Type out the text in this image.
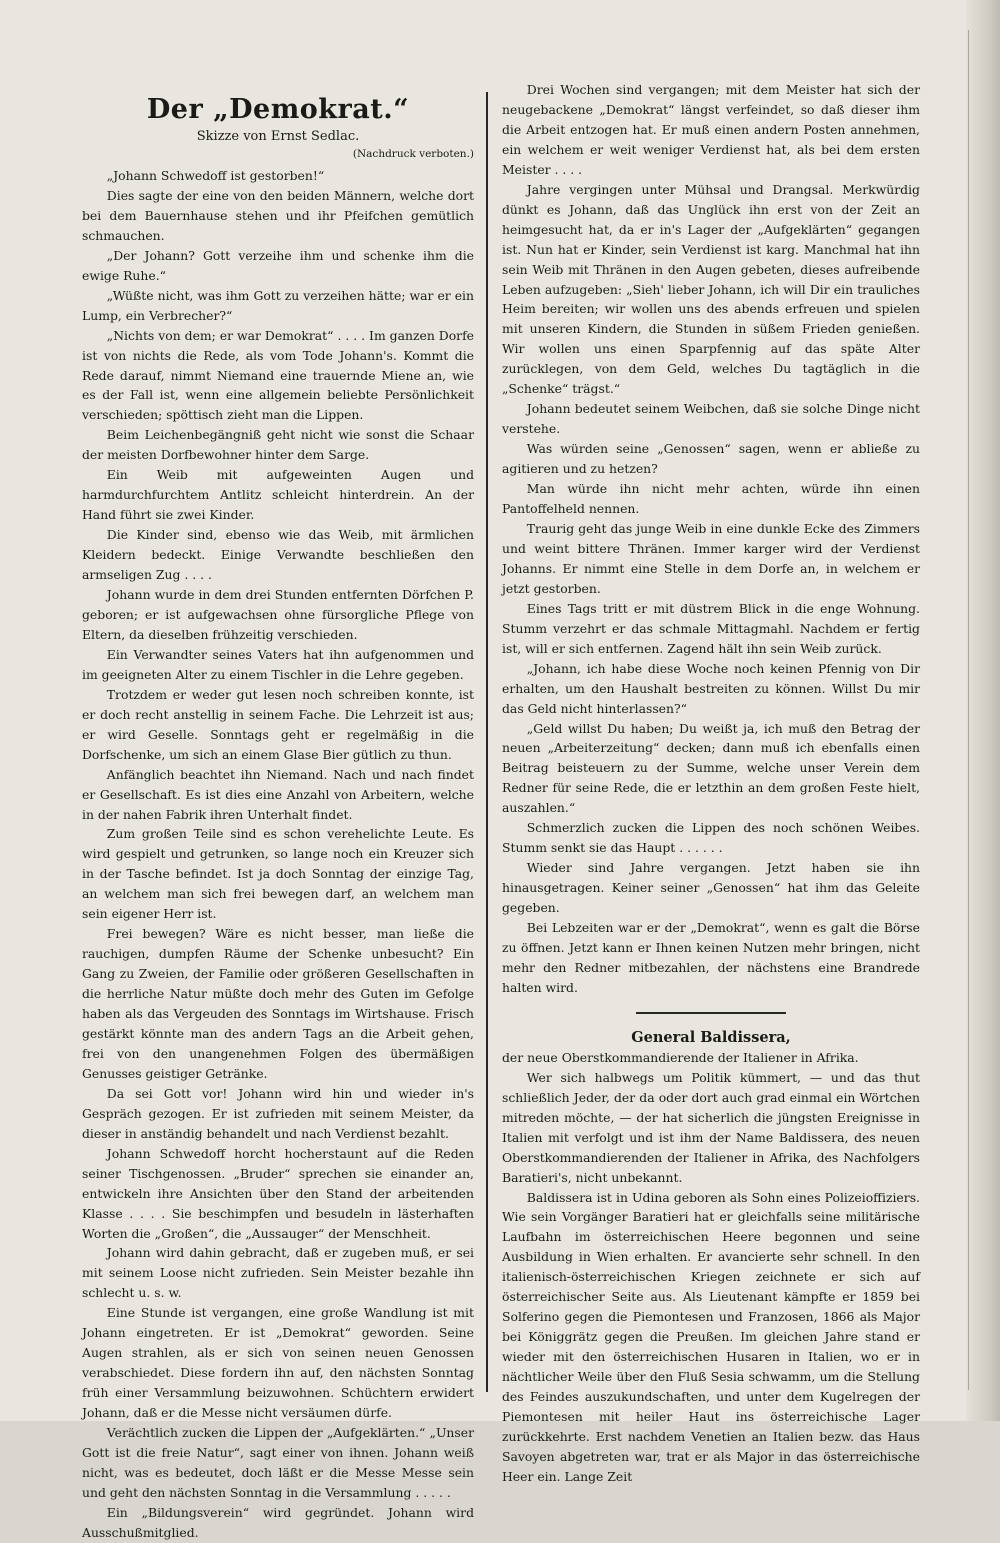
Der „Demokrat.“
Skizze von Ernst Sedlac.
(Nachdruck verboten.)

„Johann Schwedoff ist gestorben!“

Dies sagte der eine von den beiden Männern, welche dort bei dem Bauernhause stehen und ihr Pfeifchen gemütlich schmauchen.

„Der Johann? Gott verzeihe ihm und schenke ihm die ewige Ruhe.“

„Wüßte nicht, was ihm Gott zu verzeihen hätte; war er ein Lump, ein Verbrecher?“

„Nichts von dem; er war Demokrat“ . . . . Im ganzen Dorfe ist von nichts die Rede, als vom Tode Johann's. Kommt die Rede darauf, nimmt Niemand eine trauernde Miene an, wie es der Fall ist, wenn eine allgemein beliebte Persönlichkeit verschieden; spöttisch zieht man die Lippen.

Beim Leichenbegängniß geht nicht wie sonst die Schaar der meisten Dorfbewohner hinter dem Sarge.

Ein Weib mit aufgeweinten Augen und harmdurchfurchtem Antlitz schleicht hinterdrein. An der Hand führt sie zwei Kinder.

Die Kinder sind, ebenso wie das Weib, mit ärmlichen Kleidern bedeckt. Einige Verwandte beschließen den armseligen Zug . . . .

Johann wurde in dem drei Stunden entfernten Dörfchen P. geboren; er ist aufgewachsen ohne fürsorgliche Pflege von Eltern, da dieselben frühzeitig verschieden.

Ein Verwandter seines Vaters hat ihn aufgenommen und im geeigneten Alter zu einem Tischler in die Lehre gegeben.

Trotzdem er weder gut lesen noch schreiben konnte, ist er doch recht anstellig in seinem Fache. Die Lehrzeit ist aus; er wird Geselle. Sonntags geht er regelmäßig in die Dorfschenke, um sich an einem Glase Bier gütlich zu thun.

Anfänglich beachtet ihn Niemand. Nach und nach findet er Gesellschaft. Es ist dies eine Anzahl von Arbeitern, welche in der nahen Fabrik ihren Unterhalt findet.

Zum großen Teile sind es schon verehelichte Leute. Es wird gespielt und getrunken, so lange noch ein Kreuzer sich in der Tasche befindet. Ist ja doch Sonntag der einzige Tag, an welchem man sich frei bewegen darf, an welchem man sein eigener Herr ist.

Frei bewegen? Wäre es nicht besser, man ließe die rauchigen, dumpfen Räume der Schenke unbesucht? Ein Gang zu Zweien, der Familie oder größeren Gesellschaften in die herrliche Natur müßte doch mehr des Guten im Gefolge haben als das Vergeuden des Sonntags im Wirtshause. Frisch gestärkt könnte man des andern Tags an die Arbeit gehen, frei von den unangenehmen Folgen des übermäßigen Genusses geistiger Getränke.

Da sei Gott vor! Johann wird hin und wieder in's Gespräch gezogen. Er ist zufrieden mit seinem Meister, da dieser in anständig behandelt und nach Verdienst bezahlt.

Johann Schwedoff horcht hocherstaunt auf die Reden seiner Tischgenossen. „Bruder“ sprechen sie einander an, entwickeln ihre Ansichten über den Stand der arbeitenden Klasse . . . . Sie beschimpfen und besudeln in lästerhaften Worten die „Großen“, die „Aussauger“ der Menschheit.

Johann wird dahin gebracht, daß er zugeben muß, er sei mit seinem Loose nicht zufrieden. Sein Meister bezahle ihn schlecht u. s. w.

Eine Stunde ist vergangen, eine große Wandlung ist mit Johann eingetreten. Er ist „Demokrat“ geworden. Seine Augen strahlen, als er sich von seinen neuen Genossen verabschiedet. Diese fordern ihn auf, den nächsten Sonntag früh einer Versammlung beizuwohnen. Schüchtern erwidert Johann, daß er die Messe nicht versäumen dürfe.

Verächtlich zucken die Lippen der „Aufgeklärten.“ „Unser Gott ist die freie Natur“, sagt einer von ihnen. Johann weiß nicht, was es bedeutet, doch läßt er die Messe Messe sein und geht den nächsten Sonntag in die Versammlung . . . . .

Ein „Bildungsverein“ wird gegründet. Johann wird Ausschußmitglied.

Drei Wochen sind vergangen; mit dem Meister hat sich der neugebackene „Demokrat“ längst verfeindet, so daß dieser ihm die Arbeit entzogen hat. Er muß einen andern Posten annehmen, ein welchem er weit weniger Verdienst hat, als bei dem ersten Meister . . . .

Jahre vergingen unter Mühsal und Drangsal. Merkwürdig dünkt es Johann, daß das Unglück ihn erst von der Zeit an heimgesucht hat, da er in's Lager der „Aufgeklärten“ gegangen ist. Nun hat er Kinder, sein Verdienst ist karg. Manchmal hat ihn sein Weib mit Thränen in den Augen gebeten, dieses aufreibende Leben aufzugeben: „Sieh' lieber Johann, ich will Dir ein trauliches Heim bereiten; wir wollen uns des abends erfreuen und spielen mit unseren Kindern, die Stunden in süßem Frieden genießen. Wir wollen uns einen Sparpfennig auf das späte Alter zurücklegen, von dem Geld, welches Du tagtäglich in die „Schenke“ trägst.“

Johann bedeutet seinem Weibchen, daß sie solche Dinge nicht verstehe.

Was würden seine „Genossen“ sagen, wenn er abließe zu agitieren und zu hetzen?

Man würde ihn nicht mehr achten, würde ihn einen Pantoffelheld nennen.

Traurig geht das junge Weib in eine dunkle Ecke des Zimmers und weint bittere Thränen. Immer karger wird der Verdienst Johanns. Er nimmt eine Stelle in dem Dorfe an, in welchem er jetzt gestorben.

Eines Tags tritt er mit düstrem Blick in die enge Wohnung. Stumm verzehrt er das schmale Mittagmahl. Nachdem er fertig ist, will er sich entfernen. Zagend hält ihn sein Weib zurück.

„Johann, ich habe diese Woche noch keinen Pfennig von Dir erhalten, um den Haushalt bestreiten zu können. Willst Du mir das Geld nicht hinterlassen?“

„Geld willst Du haben; Du weißt ja, ich muß den Betrag der neuen „Arbeiterzeitung“ decken; dann muß ich ebenfalls einen Beitrag beisteuern zu der Summe, welche unser Verein dem Redner für seine Rede, die er letzthin an dem großen Feste hielt, auszahlen.“

Schmerzlich zucken die Lippen des noch schönen Weibes. Stumm senkt sie das Haupt . . . . . .

Wieder sind Jahre vergangen. Jetzt haben sie ihn hinausgetragen. Keiner seiner „Genossen“ hat ihm das Geleite gegeben.

Bei Lebzeiten war er der „Demokrat“, wenn es galt die Börse zu öffnen. Jetzt kann er Ihnen keinen Nutzen mehr bringen, nicht mehr den Redner mitbezahlen, der nächstens eine Brandrede halten wird.

General Baldissera,

der neue Oberstkommandierende der Italiener in Afrika.

Wer sich halbwegs um Politik kümmert, — und das thut schließlich Jeder, der da oder dort auch grad einmal ein Wörtchen mitreden möchte, — der hat sicherlich die jüngsten Ereignisse in Italien mit verfolgt und ist ihm der Name Baldissera, des neuen Oberstkommandierenden der Italiener in Afrika, des Nachfolgers Baratieri's, nicht unbekannt.

Baldissera ist in Udina geboren als Sohn eines Polizeioffiziers. Wie sein Vorgänger Baratieri hat er gleichfalls seine militärische Laufbahn im österreichischen Heere begonnen und seine Ausbildung in Wien erhalten. Er avancierte sehr schnell. In den italienisch-österreichischen Kriegen zeichnete er sich auf österreichischer Seite aus. Als Lieutenant kämpfte er 1859 bei Solferino gegen die Piemontesen und Franzosen, 1866 als Major bei Königgrätz gegen die Preußen. Im gleichen Jahre stand er wieder mit den österreichischen Husaren in Italien, wo er in nächtlicher Weile über den Fluß Sesia schwamm, um die Stellung des Feindes auszukundschaften, und unter dem Kugelregen der Piemontesen mit heiler Haut ins österreichische Lager zurückkehrte. Erst nachdem Venetien an Italien bezw. das Haus Savoyen abgetreten war, trat er als Major in das österreichische Heer ein. Lange Zeit
